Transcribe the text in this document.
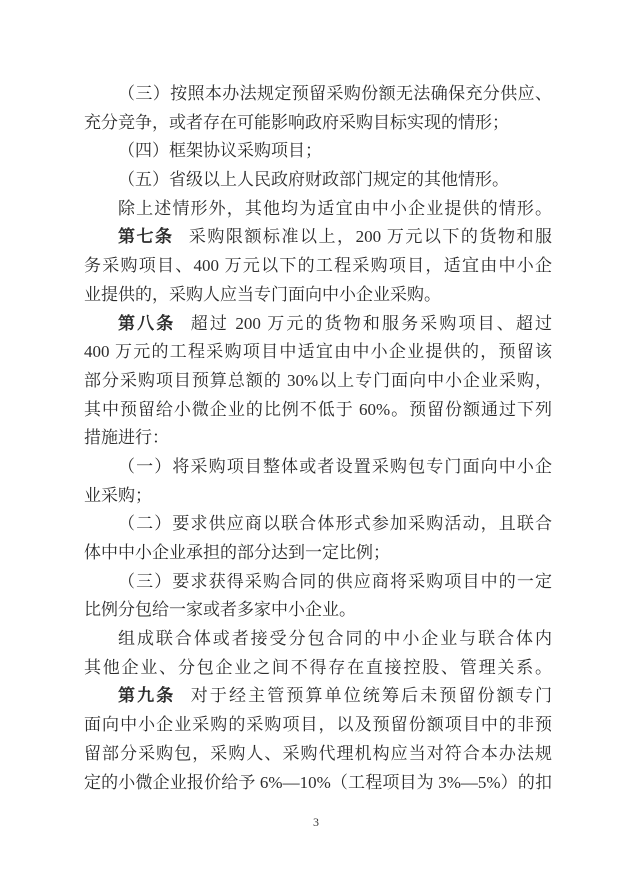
（三）按照本办法规定预留采购份额无法确保充分供应、
充分竞争，或者存在可能影响政府采购目标实现的情形；
（四）框架协议采购项目；
（五）省级以上人民政府财政部门规定的其他情形。
除上述情形外，其他均为适宜由中小企业提供的情形。
第七条 采购限额标准以上，200 万元以下的货物和服
务采购项目、400 万元以下的工程采购项目，适宜由中小企
业提供的，采购人应当专门面向中小企业采购。
第八条 超过 200 万元的货物和服务采购项目、超过
400 万元的工程采购项目中适宜由中小企业提供的，预留该
部分采购项目预算总额的 30%以上专门面向中小企业采购，
其中预留给小微企业的比例不低于 60%。预留份额通过下列
措施进行：
（一）将采购项目整体或者设置采购包专门面向中小企
业采购；
（二）要求供应商以联合体形式参加采购活动，且联合
体中中小企业承担的部分达到一定比例；
（三）要求获得采购合同的供应商将采购项目中的一定
比例分包给一家或者多家中小企业。
组成联合体或者接受分包合同的中小企业与联合体内
其他企业、分包企业之间不得存在直接控股、管理关系。
第九条 对于经主管预算单位统筹后未预留份额专门
面向中小企业采购的采购项目，以及预留份额项目中的非预
留部分采购包，采购人、采购代理机构应当对符合本办法规
定的小微企业报价给予 6%—10%（工程项目为 3%—5%）的扣
3
